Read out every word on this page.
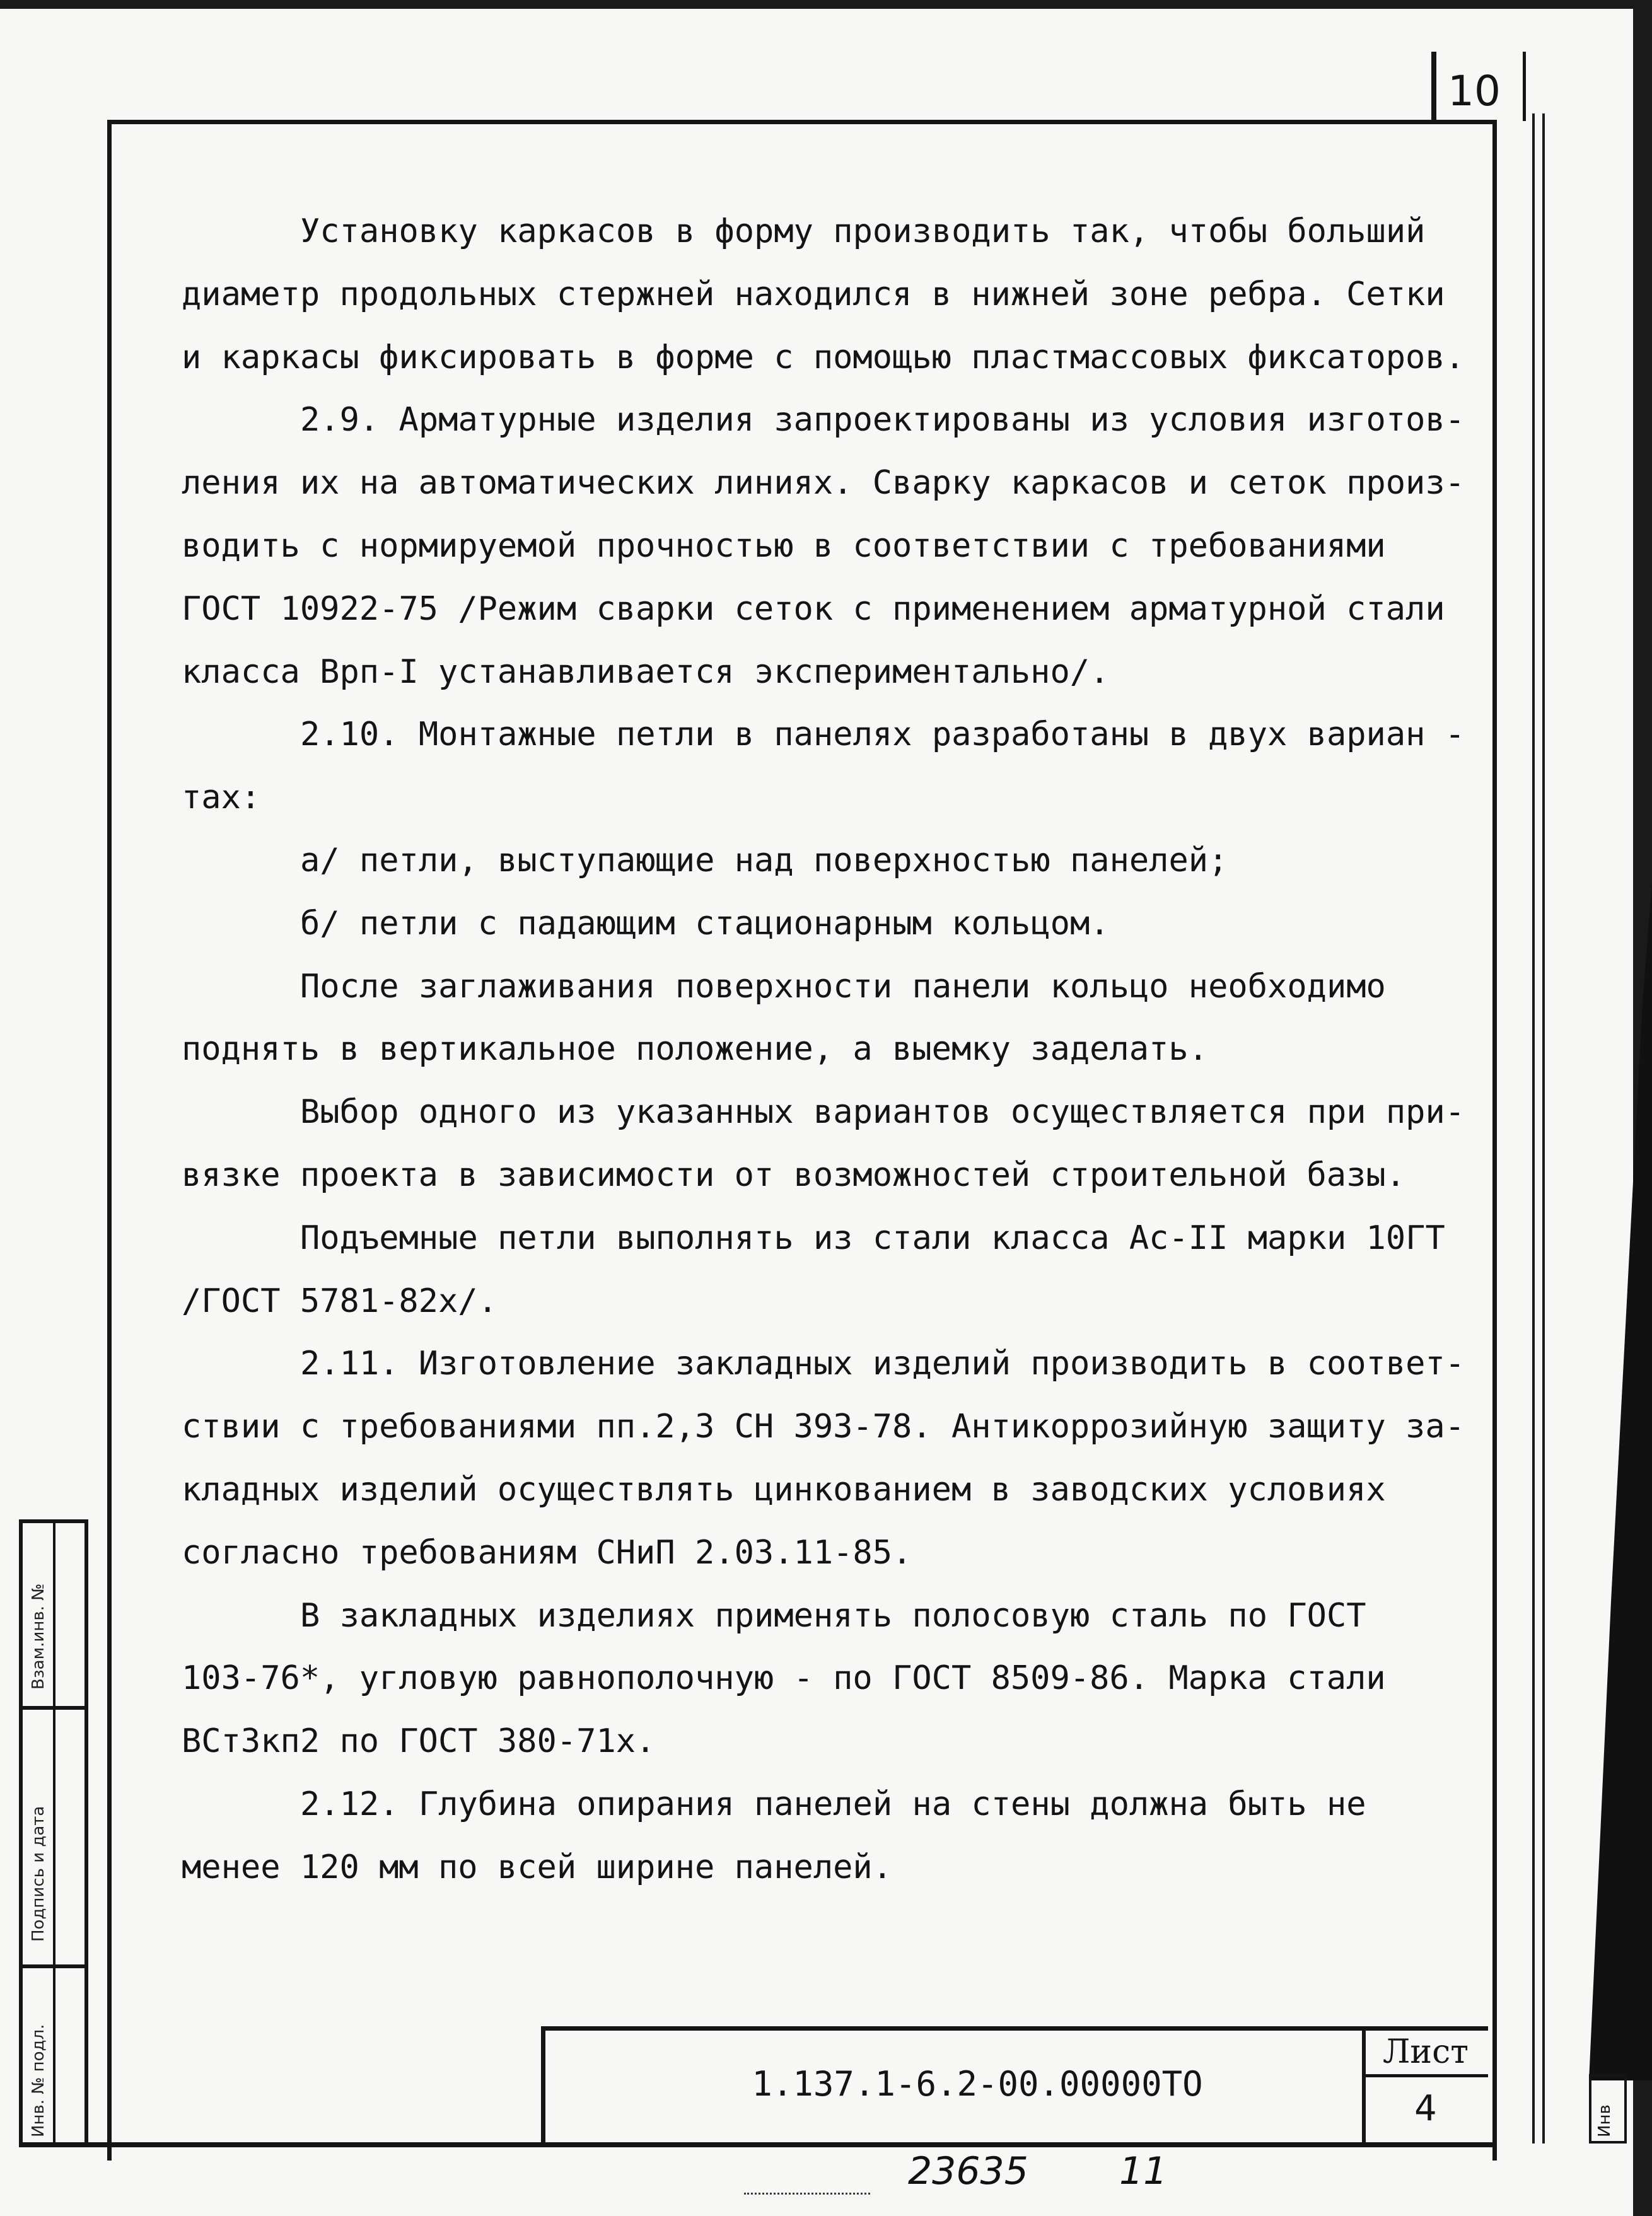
10
Установку каркасов в форму производить так, чтобы больший
диаметр продольных стержней находился в нижней зоне ребра. Сетки
и каркасы фиксировать в форме с помощью пластмассовых фиксаторов.
2.9. Арматурные изделия запроектированы из условия изготов-
ления их на автоматических линиях. Сварку каркасов и сеток произ-
водить с нормируемой прочностью в соответствии с требованиями
ГОСТ 10922-75 /Режим сварки сеток с применением арматурной стали
класса Врп-I устанавливается экспериментально/.
2.10. Монтажные петли в панелях разработаны в двух вариан -
тах:
а/ петли, выступающие над поверхностью панелей;
б/ петли с падающим стационарным кольцом.
После заглаживания поверхности панели кольцо необходимо
поднять в вертикальное положение, а выемку заделать.
Выбор одного из указанных вариантов осуществляется при при-
вязке проекта в зависимости от возможностей строительной базы.
Подъемные петли выполнять из стали класса Ас-II марки 10ГТ
/ГОСТ 5781-82х/.
2.11. Изготовление закладных изделий производить в соответ-
ствии с требованиями пп.2,3 СН 393-78. Антикоррозийную защиту за-
кладных изделий осуществлять цинкованием в заводских условиях
согласно требованиям СНиП 2.03.11-85.
В закладных изделиях применять полосовую сталь по ГОСТ
103-76*, угловую равнополочную - по ГОСТ 8509-86. Марка стали
ВСт3кп2 по ГОСТ 380-71х.
2.12. Глубина опирания панелей на стены должна быть не
менее 120 мм по всей ширине панелей.
Взам.инв. №
Подпись и дата
Инв. № подл.	1.137.1-6.2-00.00000ТО
Лист
4	Инв
23635 11
